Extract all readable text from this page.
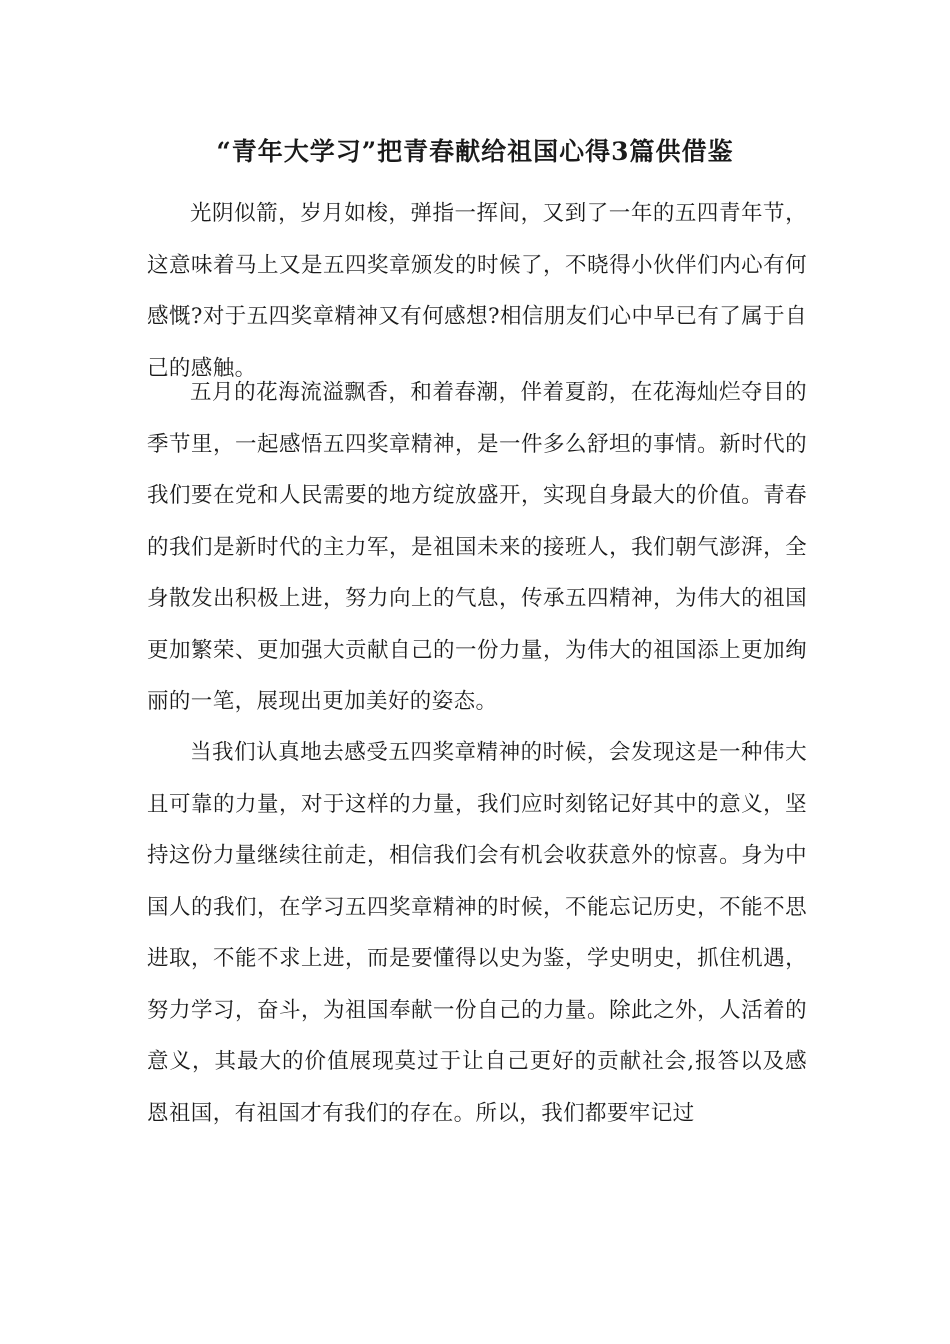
“青年大学习”把青春献给祖国心得3篇供借鉴

光阴似箭，岁月如梭，弹指一挥间，又到了一年的五四青年节，这意味着马上又是五四奖章颁发的时候了，不晓得小伙伴们内心有何感慨?对于五四奖章精神又有何感想?相信朋友们心中早已有了属于自己的感触。

五月的花海流溢飘香，和着春潮，伴着夏韵，在花海灿烂夺目的季节里，一起感悟五四奖章精神，是一件多么舒坦的事情。新时代的我们要在党和人民需要的地方绽放盛开，实现自身最大的价值。青春的我们是新时代的主力军，是祖国未来的接班人，我们朝气澎湃，全身散发出积极上进，努力向上的气息，传承五四精神，为伟大的祖国更加繁荣、更加强大贡献自己的一份力量，为伟大的祖国添上更加绚丽的一笔，展现出更加美好的姿态。

当我们认真地去感受五四奖章精神的时候，会发现这是一种伟大且可靠的力量，对于这样的力量，我们应时刻铭记好其中的意义，坚持这份力量继续往前走，相信我们会有机会收获意外的惊喜。身为中国人的我们，在学习五四奖章精神的时候，不能忘记历史，不能不思进取，不能不求上进，而是要懂得以史为鉴，学史明史，抓住机遇，努力学习，奋斗，为祖国奉献一份自己的力量。除此之外，人活着的意义，其最大的价值展现莫过于让自己更好的贡献社会,报答以及感恩祖国，有祖国才有我们的存在。所以，我们都要牢记过
